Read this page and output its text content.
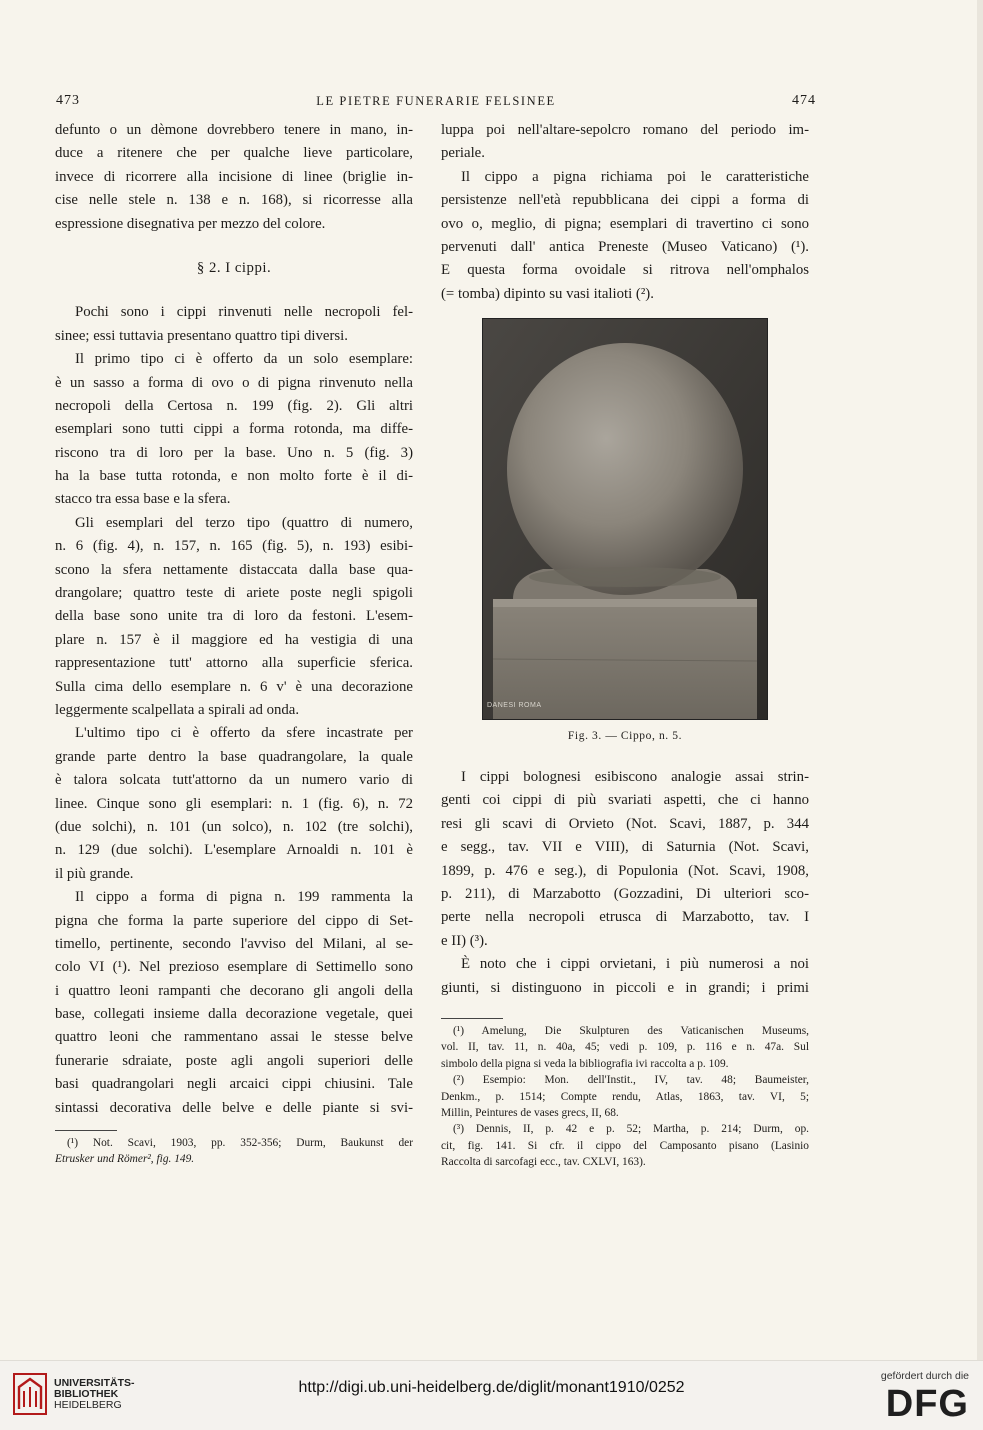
473	LE PIETRE FUNERARIE FELSINEE	474
defunto o un dèmone dovrebbero tenere in mano, in-
duce a ritenere che per qualche lieve particolare,
invece di ricorrere alla incisione di linee (briglie in-
cise nelle stele n. 138 e n. 168), si ricorresse alla
espressione disegnativa per mezzo del colore.
§ 2. I cippi.
Pochi sono i cippi rinvenuti nelle necropoli fel-
sinee; essi tuttavia presentano quattro tipi diversi.
Il primo tipo ci è offerto da un solo esemplare:
è un sasso a forma di ovo o di pigna rinvenuto nella
necropoli della Certosa n. 199 (fig. 2). Gli altri
esemplari sono tutti cippi a forma rotonda, ma diffe-
riscono tra di loro per la base. Uno n. 5 (fig. 3)
ha la base tutta rotonda, e non molto forte è il di-
stacco tra essa base e la sfera.
Gli esemplari del terzo tipo (quattro di numero,
n. 6 (fig. 4), n. 157, n. 165 (fig. 5), n. 193) esibi-
scono la sfera nettamente distaccata dalla base qua-
drangolare; quattro teste di ariete poste negli spigoli
della base sono unite tra di loro da festoni. L'esem-
plare n. 157 è il maggiore ed ha vestigia di una
rappresentazione tutt' attorno alla superficie sferica.
Sulla cima dello esemplare n. 6 v' è una decorazione
leggermente scalpellata a spirali ad onda.
L'ultimo tipo ci è offerto da sfere incastrate per
grande parte dentro la base quadrangolare, la quale
è talora solcata tutt'attorno da un numero vario di
linee. Cinque sono gli esemplari: n. 1 (fig. 6), n. 72
(due solchi), n. 101 (un solco), n. 102 (tre solchi),
n. 129 (due solchi). L'esemplare Arnoaldi n. 101 è
il più grande.
Il cippo a forma di pigna n. 199 rammenta la
pigna che forma la parte superiore del cippo di Set-
timello, pertinente, secondo l'avviso del Milani, al se-
colo VI (¹). Nel prezioso esemplare di Settimello sono
i quattro leoni rampanti che decorano gli angoli della
base, collegati insieme dalla decorazione vegetale, quei
quattro leoni che rammentano assai le stesse belve
funerarie sdraiate, poste agli angoli superiori delle
basi quadrangolari negli arcaici cippi chiusini. Tale
sintassi decorativa delle belve e delle piante si svi-
(¹) Not. Scavi, 1903, pp. 352-356; Durm, Baukunst der
Etrusker und Römer², fig. 149.
luppa poi nell'altare-sepolcro romano del periodo im-
periale.
Il cippo a pigna richiama poi le caratteristiche
persistenze nell'età repubblicana dei cippi a forma di
ovo o, meglio, di pigna; esemplari di travertino ci sono
pervenuti dall' antica Preneste (Museo Vaticano) (¹).
E questa forma ovoidale si ritrova nell'omphalos
(= tomba) dipinto su vasi italioti (²).
DANESI ROMA
Fig. 3. — Cippo, n. 5.
I cippi bolognesi esibiscono analogie assai strin-
genti coi cippi di più svariati aspetti, che ci hanno
resi gli scavi di Orvieto (Not. Scavi, 1887, p. 344
e segg., tav. VII e VIII), di Saturnia (Not. Scavi,
1899, p. 476 e seg.), di Populonia (Not. Scavi, 1908,
p. 211), di Marzabotto (Gozzadini, Di ulteriori sco-
perte nella necropoli etrusca di Marzabotto, tav. I
e II) (³).
È noto che i cippi orvietani, i più numerosi a noi
giunti, si distinguono in piccoli e in grandi; i primi
(¹) Amelung, Die Skulpturen des Vaticanischen Museums,
vol. II, tav. 11, n. 40a, 45; vedi p. 109, p. 116 e n. 47a. Sul
simbolo della pigna si veda la bibliografia ivi raccolta a p. 109.
(²) Esempio: Mon. dell'Instit., IV, tav. 48; Baumeister,
Denkm., p. 1514; Compte rendu, Atlas, 1863, tav. VI, 5;
Millin, Peintures de vases grecs, II, 68.
(³) Dennis, II, p. 42 e p. 52; Martha, p. 214; Durm, op.
cit, fig. 141. Si cfr. il cippo del Camposanto pisano (Lasinio
Raccolta di sarcofagi ecc., tav. CXLVI, 163).
UNIVERSITÄTS-
BIBLIOTHEK
HEIDELBERG
http://digi.ub.uni-heidelberg.de/diglit/monant1910/0252
gefördert durch die
DFG
